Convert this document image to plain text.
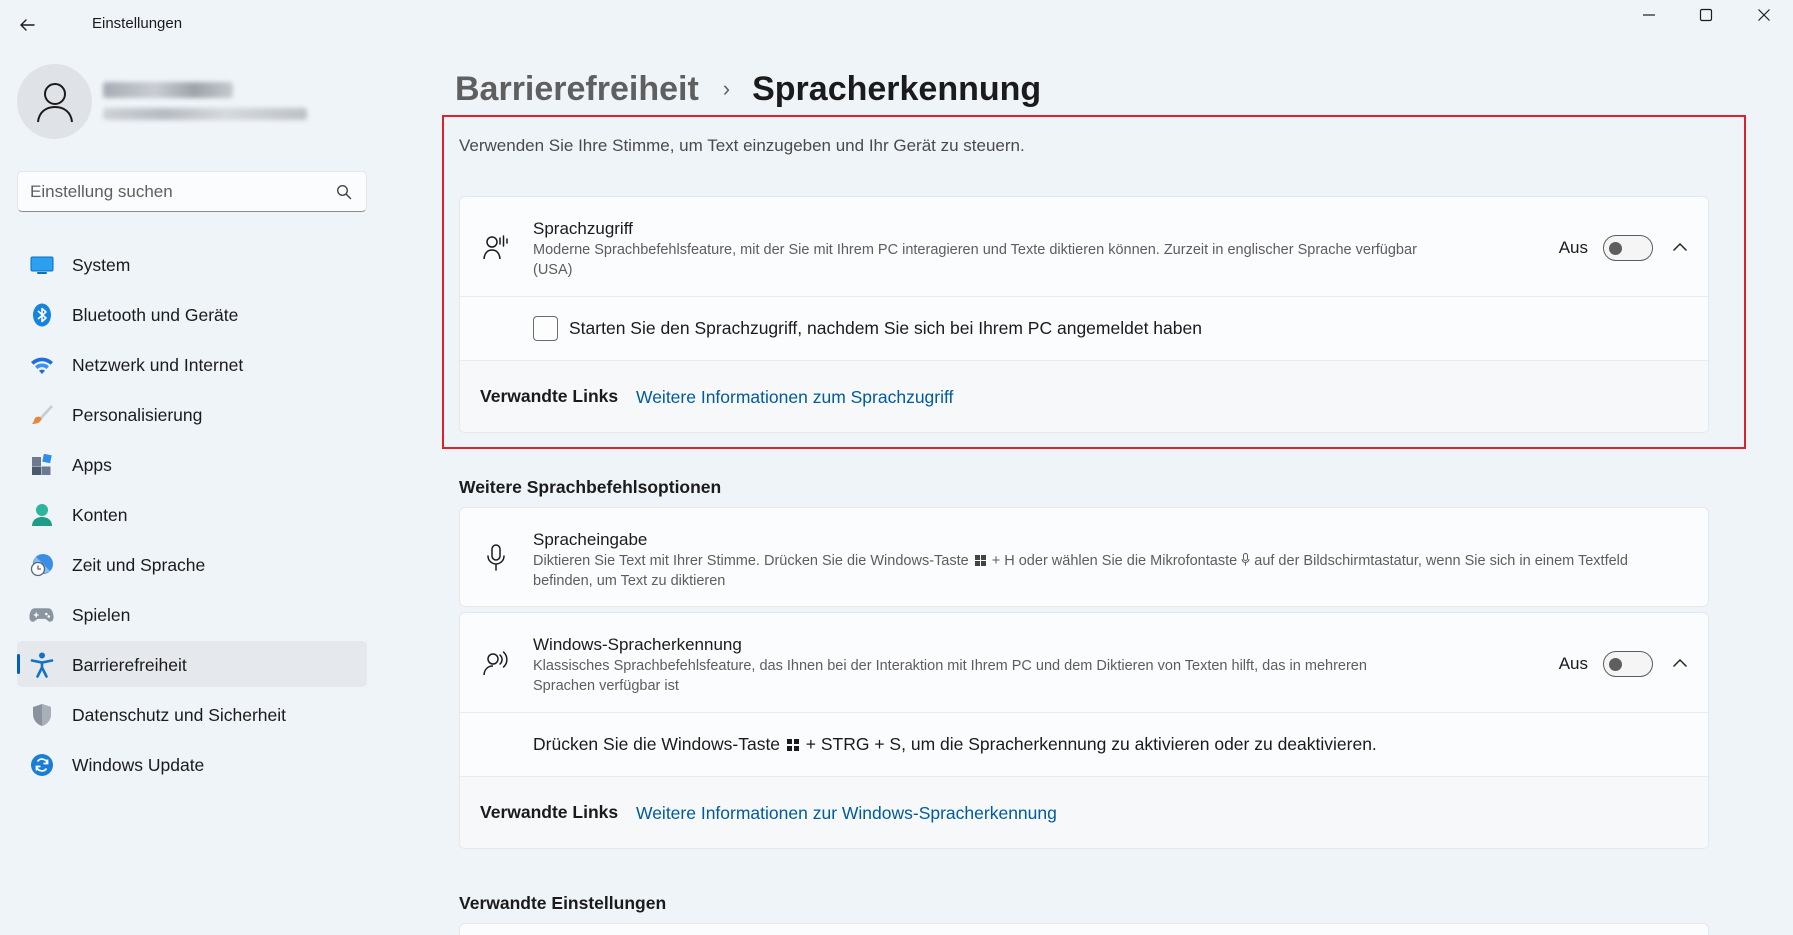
Einstellungen
Einstellung suchen
System
Bluetooth und Geräte
Netzwerk und Internet
Personalisierung
Apps
Konten
Zeit und Sprache
Spielen
Barrierefreiheit
Datenschutz und Sicherheit
Windows Update
Barrierefreiheit › Spracherkennung
Verwenden Sie Ihre Stimme, um Text einzugeben und Ihr Gerät zu steuern.
Sprachzugriff
Moderne Sprachbefehlsfeature, mit der Sie mit Ihrem PC interagieren und Texte diktieren können. Zurzeit in englischer Sprache verfügbar (USA)
Aus
Starten Sie den Sprachzugriff, nachdem Sie sich bei Ihrem PC angemeldet haben
Verwandte Links Weitere Informationen zum Sprachzugriff
Weitere Sprachbefehlsoptionen
Spracheingabe
Diktieren Sie Text mit Ihrer Stimme. Drücken Sie die Windows-Taste + H oder wählen Sie die Mikrofontaste auf der Bildschirmtastatur, wenn Sie sich in einem Textfeld befinden, um Text zu diktieren
Windows-Spracherkennung
Klassisches Sprachbefehlsfeature, das Ihnen bei der Interaktion mit Ihrem PC und dem Diktieren von Texten hilft, das in mehreren Sprachen verfügbar ist
Aus
Drücken Sie die Windows-Taste + STRG + S, um die Spracherkennung zu aktivieren oder zu deaktivieren.
Verwandte Links Weitere Informationen zur Windows-Spracherkennung
Verwandte Einstellungen
